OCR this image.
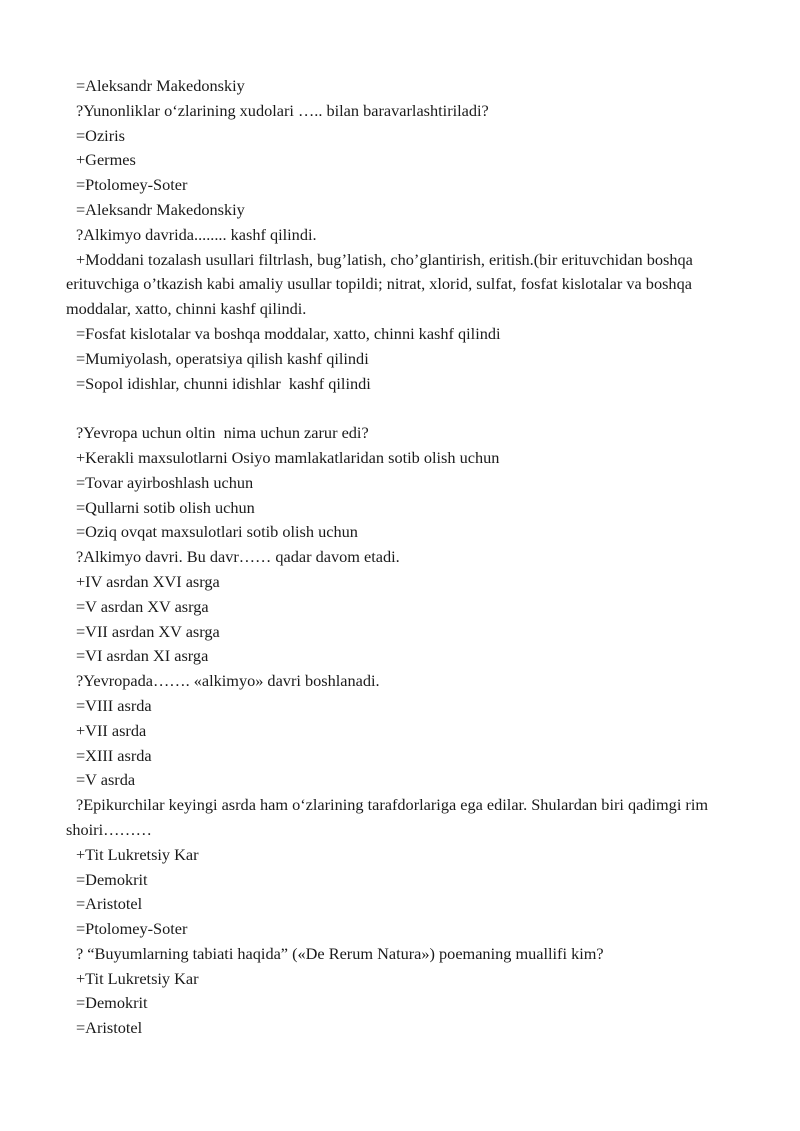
=Aleksandr Makedonskiy

?Yunonliklar o‘zlarining xudolari ….. bilan baravarlashtiriladi?

=Oziris

+Germes

=Ptolomey-Soter

=Aleksandr Makedonskiy

?Alkimyo davrida........ kashf qilindi.

+Moddani tozalash usullari filtrlash, bug’latish, cho’glantirish, eritish.(bir erituvchidan boshqa erituvchiga o’tkazish kabi amaliy usullar topildi; nitrat, xlorid, sulfat, fosfat kislotalar va boshqa moddalar, xatto, chinni kashf qilindi.

=Fosfat kislotalar va boshqa moddalar, xatto, chinni kashf qilindi

=Mumiyolash, operatsiya qilish kashf qilindi

=Sopol idishlar, chunni idishlar  kashf qilindi

?Yevropa uchun oltin  nima uchun zarur edi?

+Kerakli maxsulotlarni Osiyo mamlakatlaridan sotib olish uchun

=Tovar ayirboshlash uchun

=Qullarni sotib olish uchun

=Oziq ovqat maxsulotlari sotib olish uchun

?Alkimyo davri. Bu davr…… qadar davom etadi.

+IV asrdan XVI asrga

=V asrdan XV asrga

=VII asrdan XV asrga

=VI asrdan XI asrga

?Yevropada……. «alkimyo» davri boshlanadi.

=VIII asrda

+VII asrda

=XIII asrda

=V asrda

?Epikurchilar keyingi asrda ham o‘zlarining tarafdorlariga ega edilar. Shulardan biri qadimgi rim shoiri………

+Tit Lukretsiy Kar

=Demokrit

=Aristotel

=Ptolomey-Soter

? “Buyumlarning tabiati haqida” («De Rerum Natura») poemaning muallifi kim?

+Tit Lukretsiy Kar

=Demokrit

=Aristotel
